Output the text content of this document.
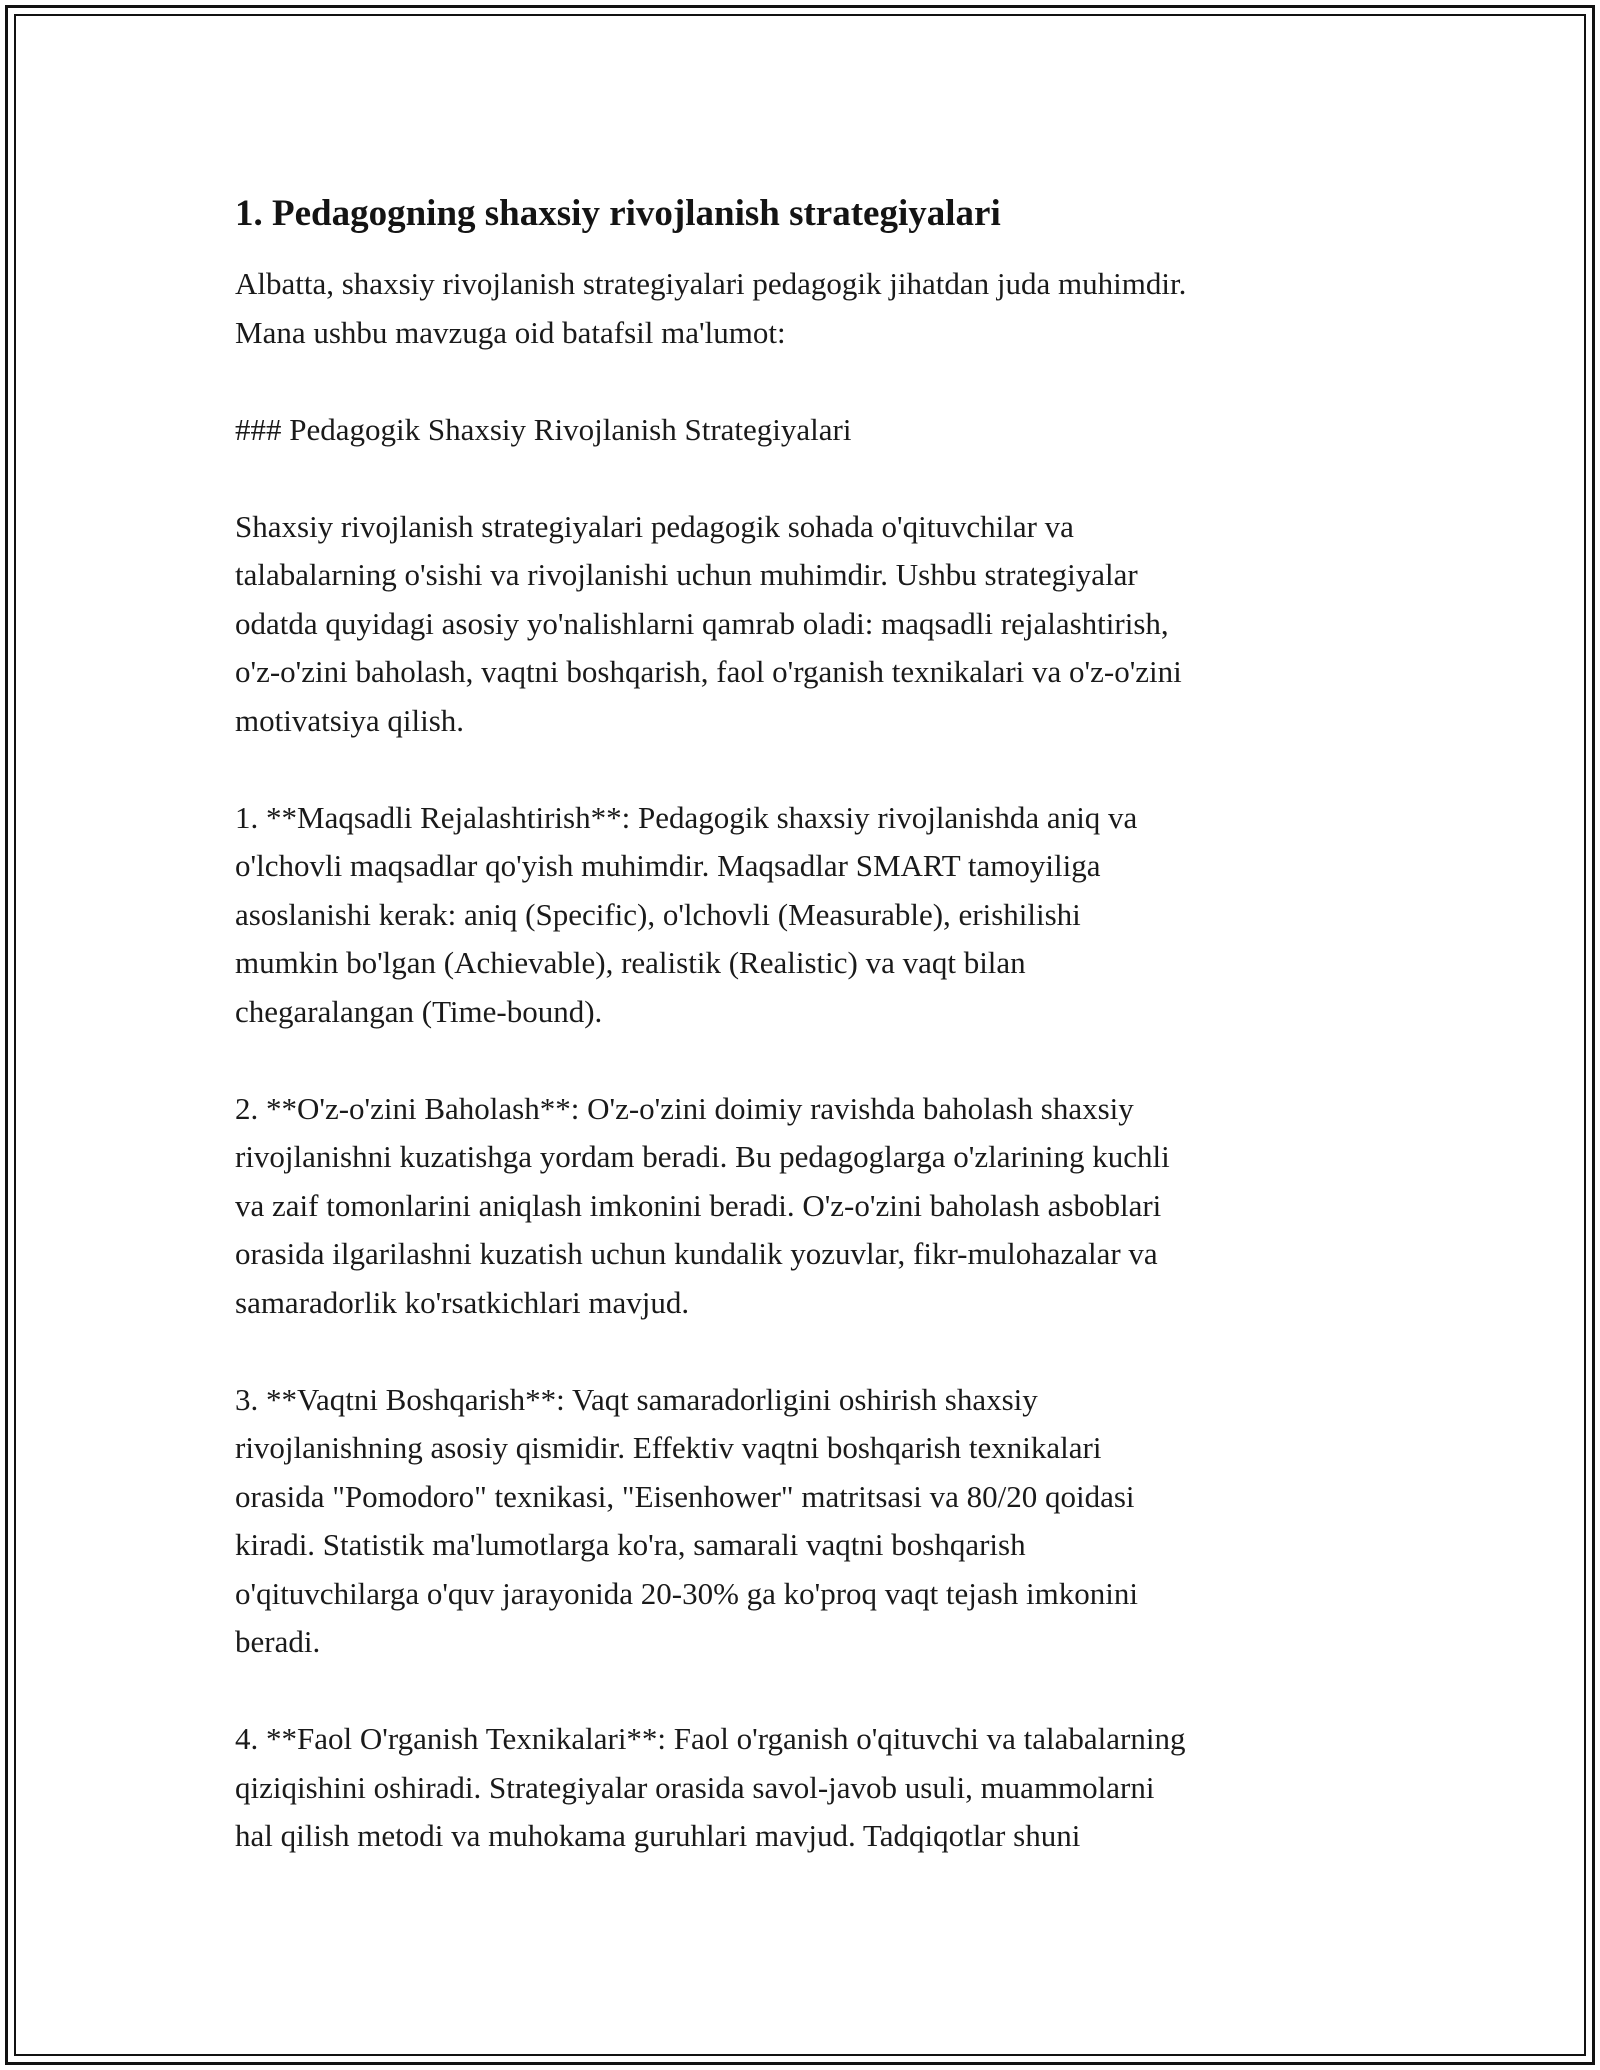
1. Pedagogning shaxsiy rivojlanish strategiyalari

Albatta, shaxsiy rivojlanish strategiyalari pedagogik jihatdan juda muhimdir.
Mana ushbu mavzuga oid batafsil ma'lumot:

### Pedagogik Shaxsiy Rivojlanish Strategiyalari

Shaxsiy rivojlanish strategiyalari pedagogik sohada o'qituvchilar va
talabalarning o'sishi va rivojlanishi uchun muhimdir. Ushbu strategiyalar
odatda quyidagi asosiy yo'nalishlarni qamrab oladi: maqsadli rejalashtirish,
o'z-o'zini baholash, vaqtni boshqarish, faol o'rganish texnikalari va o'z-o'zini
motivatsiya qilish.

1. **Maqsadli Rejalashtirish**: Pedagogik shaxsiy rivojlanishda aniq va
o'lchovli maqsadlar qo'yish muhimdir. Maqsadlar SMART tamoyiliga
asoslanishi kerak: aniq (Specific), o'lchovli (Measurable), erishilishi
mumkin bo'lgan (Achievable), realistik (Realistic) va vaqt bilan
chegaralangan (Time-bound).

2. **O'z-o'zini Baholash**: O'z-o'zini doimiy ravishda baholash shaxsiy
rivojlanishni kuzatishga yordam beradi. Bu pedagoglarga o'zlarining kuchli
va zaif tomonlarini aniqlash imkonini beradi. O'z-o'zini baholash asboblari
orasida ilgarilashni kuzatish uchun kundalik yozuvlar, fikr-mulohazalar va
samaradorlik ko'rsatkichlari mavjud.

3. **Vaqtni Boshqarish**: Vaqt samaradorligini oshirish shaxsiy
rivojlanishning asosiy qismidir. Effektiv vaqtni boshqarish texnikalari
orasida "Pomodoro" texnikasi, "Eisenhower" matritsasi va 80/20 qoidasi
kiradi. Statistik ma'lumotlarga ko'ra, samarali vaqtni boshqarish
o'qituvchilarga o'quv jarayonida 20-30% ga ko'proq vaqt tejash imkonini
beradi.

4. **Faol O'rganish Texnikalari**: Faol o'rganish o'qituvchi va talabalarning
qiziqishini oshiradi. Strategiyalar orasida savol-javob usuli, muammolarni
hal qilish metodi va muhokama guruhlari mavjud. Tadqiqotlar shuni
